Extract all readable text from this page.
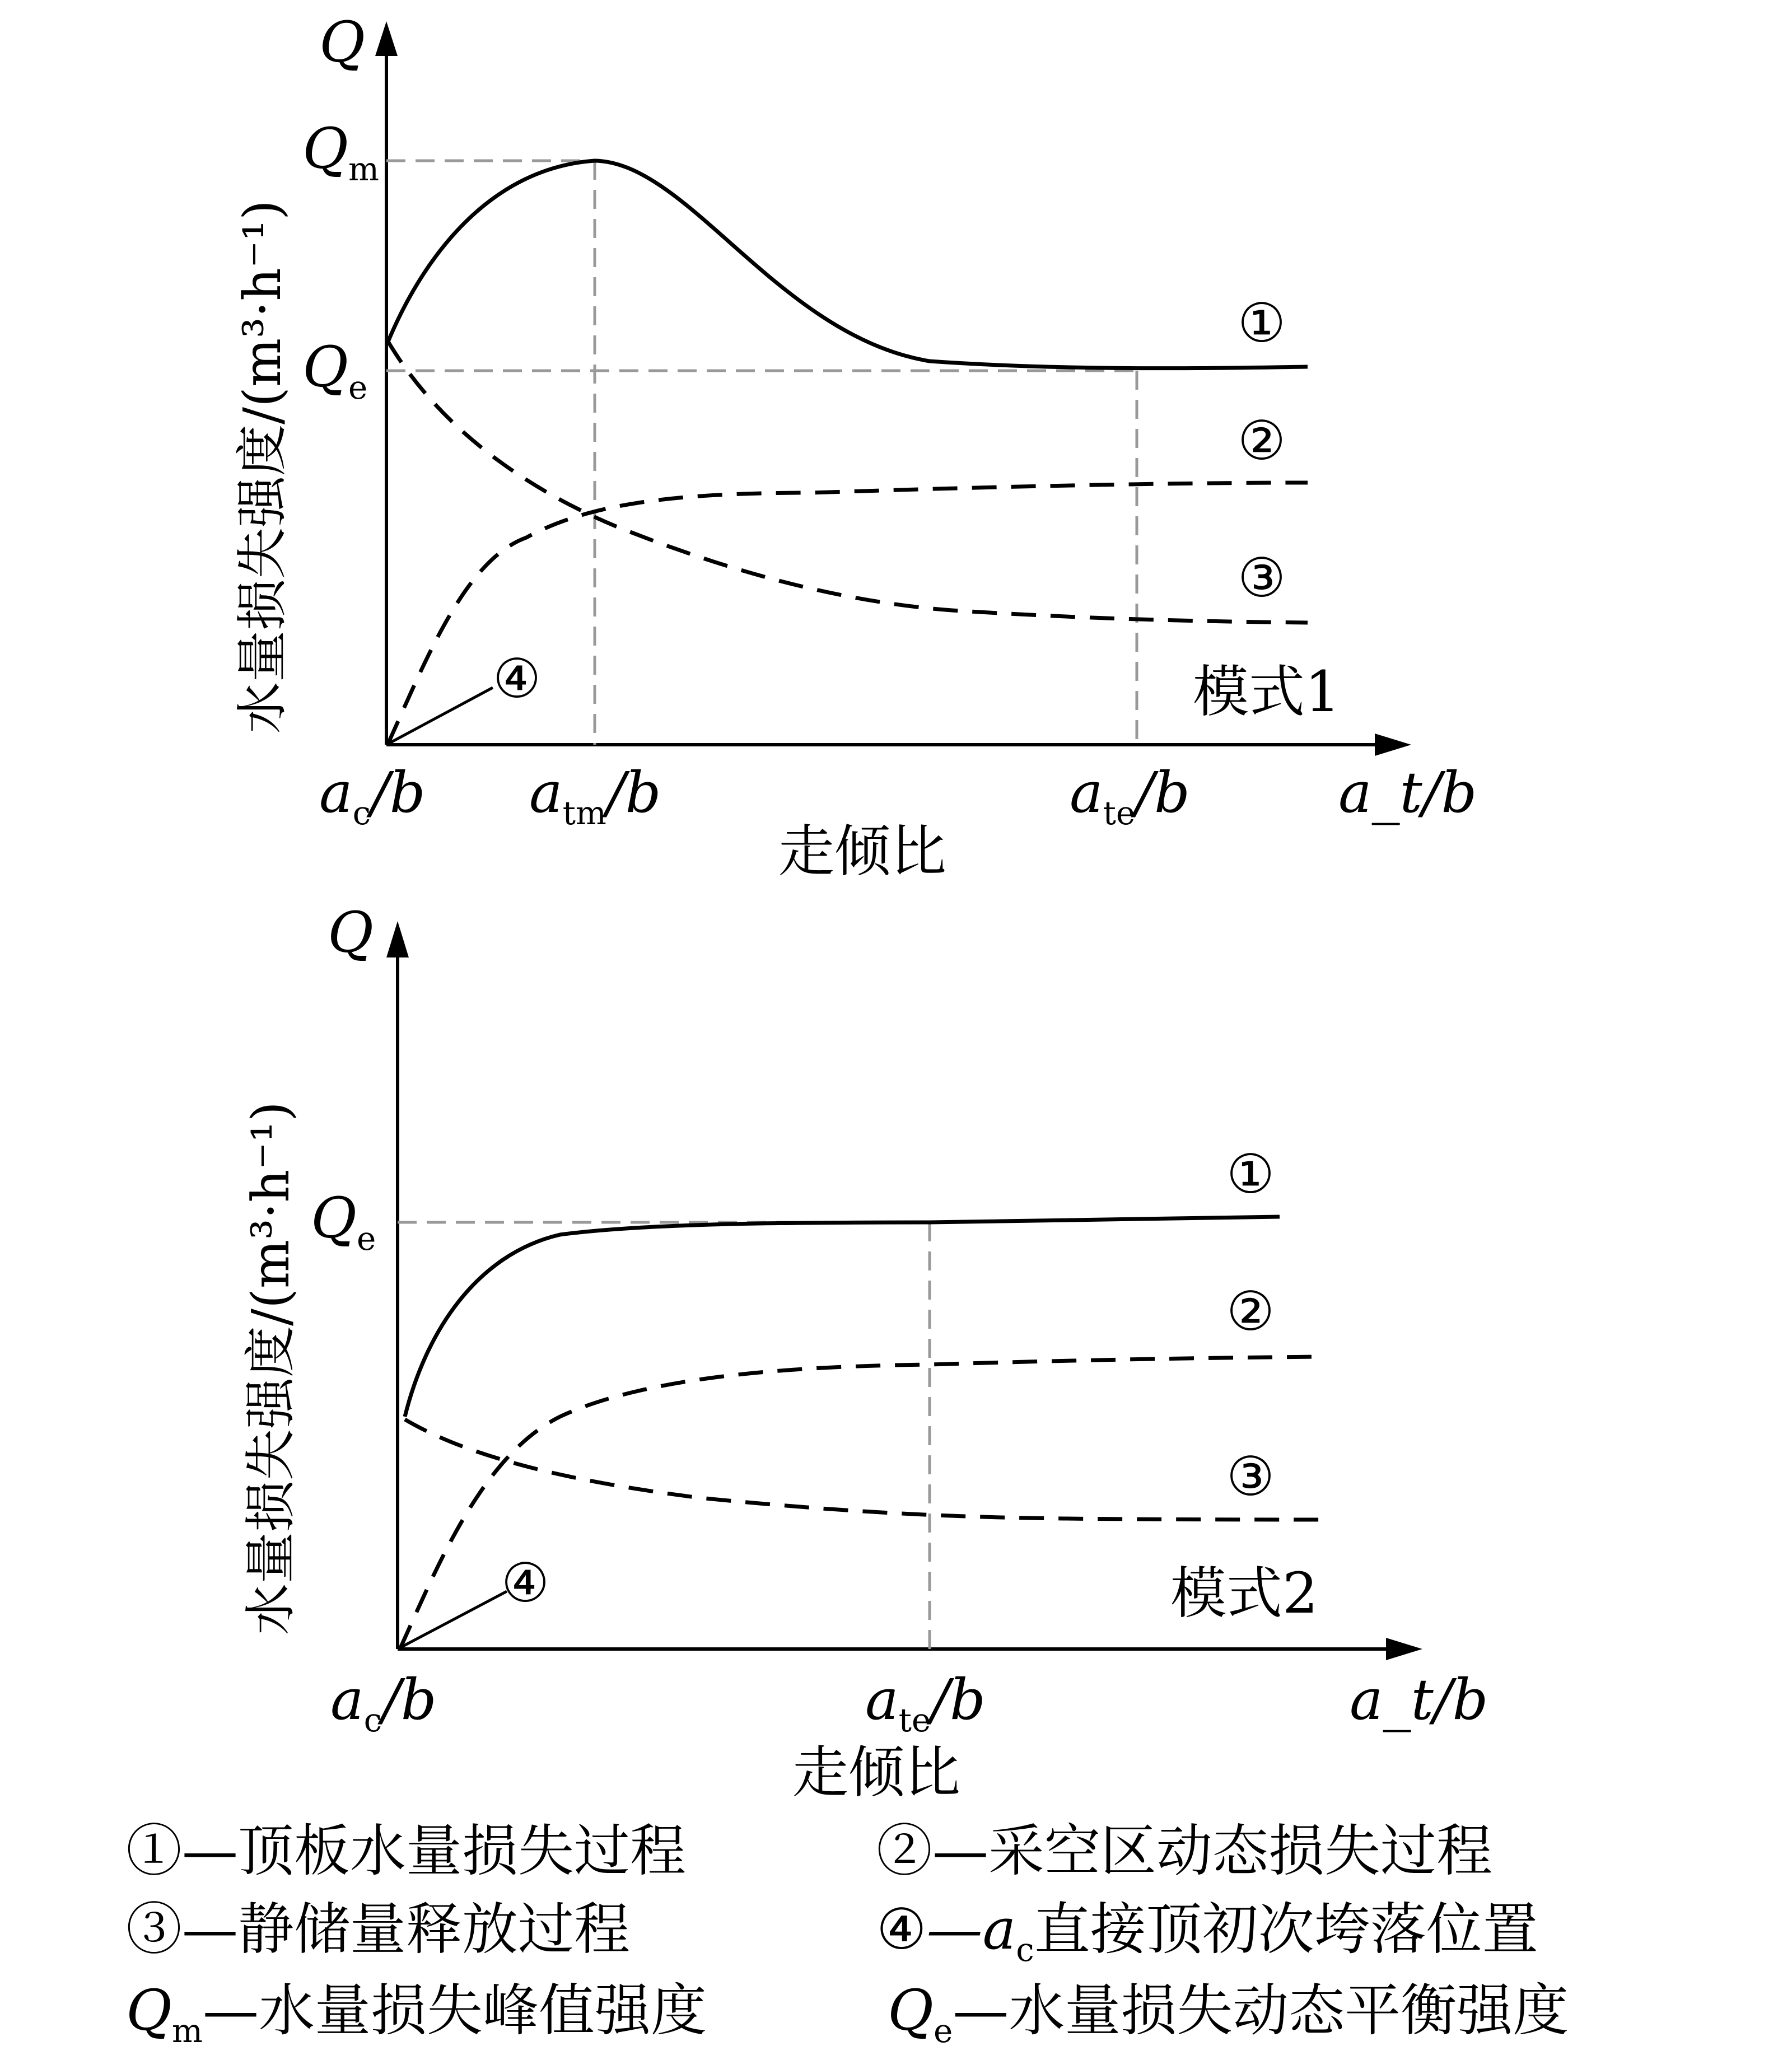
$Q_m$
$Q_e$
Q
水量损失强度/(m³·h⁻¹)
$a_c/b$ $a_{tm}/b$	$a_{te}/b$	a_t/b
走倾比
①
②
③
④	模式1
$Q_e$
Q
水量损失强度/(m³·h⁻¹)
$a_c/b$	$a_{te}/b$	a_t/b
走倾比
①
②
③
④	模式2
①—顶板水量损失过程	②—采空区动态损失过程
③—静储量释放过程	$④—a_c$直接顶初次垮落位置
$Q_m—$水量损失峰值强度	$Q_e—$水量损失动态平衡强度
